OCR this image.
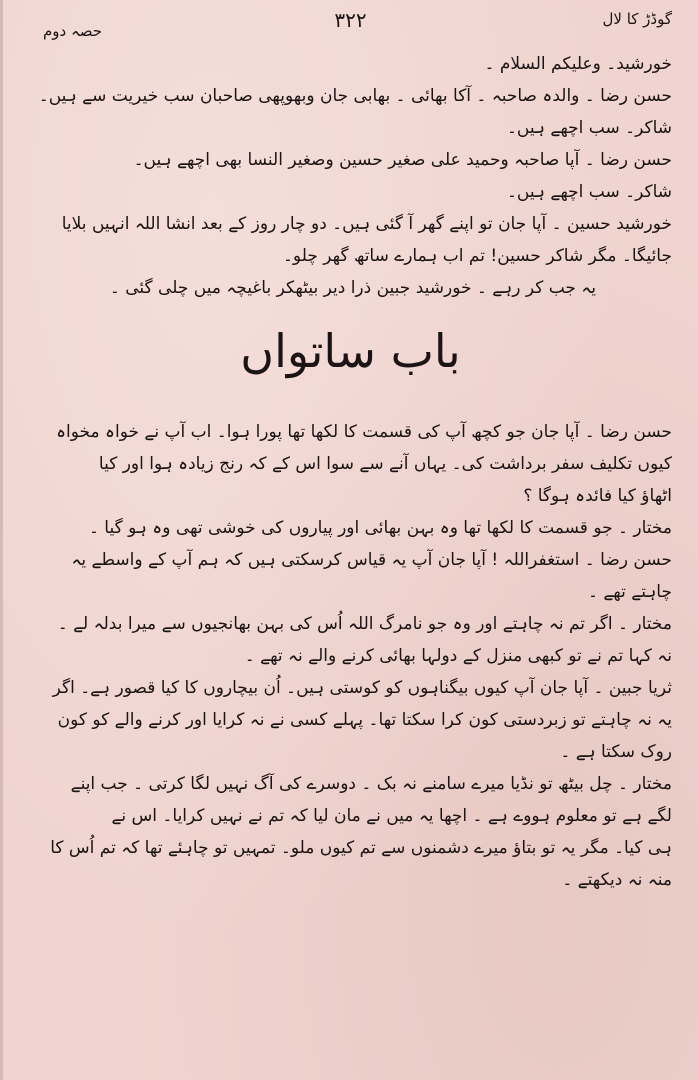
گوڈڑ کا لال
۳۲۲
حصہ دوم

خورشید۔ وعلیکم السلام ۔

حسن رضا ۔ والدہ صاحبہ ۔ آکا بھائی ۔ بھابی جان وبھوپھی صاحبان سب خیریت سے ہیں۔

شاکر۔ سب اچھے ہیں۔

حسن رضا ۔ آپا صاحبہ وحمید علی صغیر حسین وصغیر النسا بھی اچھے ہیں۔

شاکر۔ سب اچھے ہیں۔

خورشید حسین ۔ آپا جان تو اپنے گھر آ گئی ہیں۔ دو چار روز کے بعد انشا اللہ انہیں بلایا

جائیگا۔ مگر شاکر حسین! تم اب ہمارے ساتھ گھر چلو۔

یہ جب کر رہے ۔ خورشید جبین ذرا دیر بیٹھکر باغیچہ میں چلی گئی ۔

باب ساتواں

حسن رضا ۔ آپا جان جو کچھ آپ کی قسمت کا لکھا تھا پورا ہوا۔ اب آپ نے خواہ مخواہ

کیوں تکلیف سفر برداشت کی۔ یہاں آنے سے سوا اس کے کہ رنج زیادہ ہوا اور کیا

اٹھاؤ کیا فائدہ ہوگا ؟

مختار ۔ جو قسمت کا لکھا تھا وہ بہن بھائی اور پیاروں کی خوشی تھی وہ ہو گیا ۔

حسن رضا ۔ استغفراللہ ! آپا جان آپ یہ قیاس کرسکتی ہیں کہ ہم آپ کے واسطے یہ

چاہتے تھے ۔

مختار ۔ اگر تم نہ چاہتے اور وہ جو نامرگ اللہ اُس کی بہن بھانجیوں سے میرا بدلہ لے ۔

نہ کہا تم نے تو کبھی منزل کے دولہا بھائی کرنے والے نہ تھے ۔

ثریا جبین ۔ آپا جان آپ کیوں بیگناہوں کو کوستی ہیں۔ اُن بیچاروں کا کیا قصور ہے۔ اگر

یہ نہ چاہتے تو زبردستی کون کرا سکتا تھا۔ پہلے کسی نے نہ کرایا اور کرنے والے کو کون

روک سکتا ہے ۔

مختار ۔ چل بیٹھ تو نڈیا میرے سامنے نہ بک ۔ دوسرے کی آگ نہیں لگا کرتی ۔ جب اپنے

لگے ہے تو معلوم ہووے ہے ۔ اچھا یہ میں نے مان لیا کہ تم نے نہیں کرایا۔ اس نے

ہی کیا۔ مگر یہ تو بتاؤ میرے دشمنوں سے تم کیوں ملو۔ تمہیں تو چاہئے تھا کہ تم اُس کا

منہ نہ دیکھتے ۔
